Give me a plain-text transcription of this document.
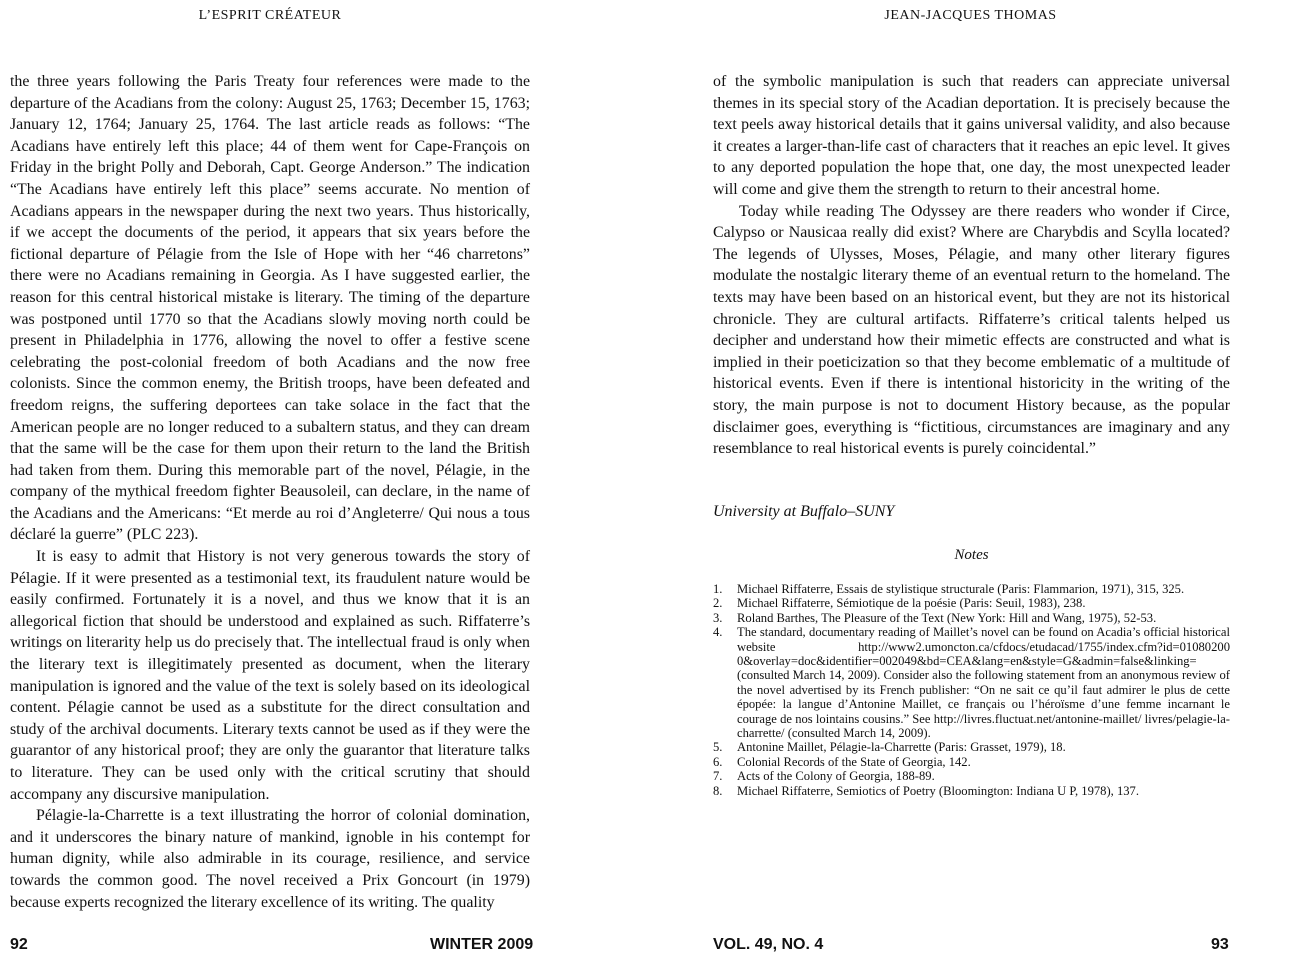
L’ESPRIT CRÉATEUR

the three years following the Paris Treaty four references were made to the departure of the Acadians from the colony: August 25, 1763; December 15, 1763; January 12, 1764; January 25, 1764. The last article reads as follows: “The Acadians have entirely left this place; 44 of them went for Cape-François on Friday in the bright Polly and Deborah, Capt. George Anderson.” The indication “The Acadians have entirely left this place” seems accurate. No mention of Acadians appears in the newspaper during the next two years. Thus historically, if we accept the documents of the period, it appears that six years before the fictional departure of Pélagie from the Isle of Hope with her “46 charretons” there were no Acadians remaining in Georgia. As I have suggested earlier, the reason for this central historical mistake is literary. The timing of the departure was postponed until 1770 so that the Acadians slowly moving north could be present in Philadelphia in 1776, allowing the novel to offer a festive scene celebrating the post-colonial freedom of both Acadians and the now free colonists. Since the common enemy, the British troops, have been defeated and freedom reigns, the suffering deportees can take solace in the fact that the American people are no longer reduced to a subaltern status, and they can dream that the same will be the case for them upon their return to the land the British had taken from them. During this memorable part of the novel, Pélagie, in the company of the mythical freedom fighter Beausoleil, can declare, in the name of the Acadians and the Americans: “Et merde au roi d’Angleterre/ Qui nous a tous déclaré la guerre” (PLC 223).

It is easy to admit that History is not very generous towards the story of Pélagie. If it were presented as a testimonial text, its fraudulent nature would be easily confirmed. Fortunately it is a novel, and thus we know that it is an allegorical fiction that should be understood and explained as such. Riffaterre’s writings on literarity help us do precisely that. The intellectual fraud is only when the literary text is illegitimately presented as document, when the literary manipulation is ignored and the value of the text is solely based on its ideological content. Pélagie cannot be used as a substitute for the direct consultation and study of the archival documents. Literary texts cannot be used as if they were the guarantor of any historical proof; they are only the guarantor that literature talks to literature. They can be used only with the critical scrutiny that should accompany any discursive manipulation.

Pélagie-la-Charrette is a text illustrating the horror of colonial domination, and it underscores the binary nature of mankind, ignoble in his contempt for human dignity, while also admirable in its courage, resilience, and service towards the common good. The novel received a Prix Goncourt (in 1979) because experts recognized the literary excellence of its writing. The quality

92	WINTER 2009
JEAN-JACQUES THOMAS

of the symbolic manipulation is such that readers can appreciate universal themes in its special story of the Acadian deportation. It is precisely because the text peels away historical details that it gains universal validity, and also because it creates a larger-than-life cast of characters that it reaches an epic level. It gives to any deported population the hope that, one day, the most unexpected leader will come and give them the strength to return to their ancestral home.

Today while reading The Odyssey are there readers who wonder if Circe, Calypso or Nausicaa really did exist? Where are Charybdis and Scylla located? The legends of Ulysses, Moses, Pélagie, and many other literary figures modulate the nostalgic literary theme of an eventual return to the homeland. The texts may have been based on an historical event, but they are not its historical chronicle. They are cultural artifacts. Riffaterre’s critical talents helped us decipher and understand how their mimetic effects are constructed and what is implied in their poeticization so that they become emblematic of a multitude of historical events. Even if there is intentional historicity in the writing of the story, the main purpose is not to document History because, as the popular disclaimer goes, everything is “fictitious, circumstances are imaginary and any resemblance to real historical events is purely coincidental.”

University at Buffalo–SUNY
Notes
1.	Michael Riffaterre, Essais de stylistique structurale (Paris: Flammarion, 1971), 315, 325.
2.	Michael Riffaterre, Sémiotique de la poésie (Paris: Seuil, 1983), 238.
3.	Roland Barthes, The Pleasure of the Text (New York: Hill and Wang, 1975), 52-53.
4.	The standard, documentary reading of Maillet’s novel can be found on Acadia’s official historical website http://www2.umoncton.ca/cfdocs/etudacad/1755/index.cfm?id=01080200 0&overlay=doc&identifier=002049&bd=CEA&lang=en&style=G&admin=false&linking= (consulted March 14, 2009). Consider also the following statement from an anonymous review of the novel advertised by its French publisher: “On ne sait ce qu’il faut admirer le plus de cette épopée: la langue d’Antonine Maillet, ce français ou l’héroïsme d’une femme incarnant le courage de nos lointains cousins.” See http://livres.fluctuat.net/antonine-maillet/ livres/pelagie-la-charrette/ (consulted March 14, 2009).
5.	Antonine Maillet, Pélagie-la-Charrette (Paris: Grasset, 1979), 18.
6.	Colonial Records of the State of Georgia, 142.
7.	Acts of the Colony of Georgia, 188-89.
8.	Michael Riffaterre, Semiotics of Poetry (Bloomington: Indiana U P, 1978), 137.
VOL. 49, NO. 4	93
